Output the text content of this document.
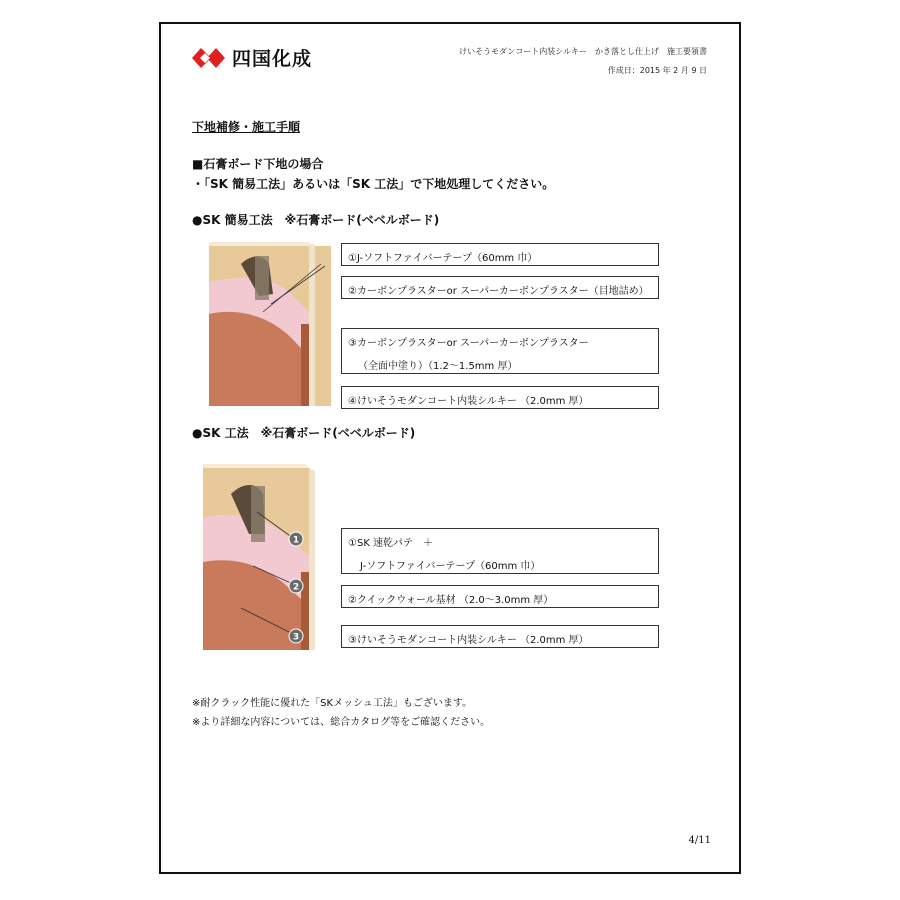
四国化成	けいそうモダンコート内装シルキー　かき落とし仕上げ　施工要領書
作成日：2015 年 2 月 9 日
下地補修・施工手順
■石膏ボード下地の場合
・「SK 簡易工法」あるいは「SK 工法」で下地処理してください。
●SK 簡易工法　※石膏ボード(ベベルボード)
①J-ソフトファイバーテープ（60mm 巾）
②カーボンプラスターor スーパーカーボンプラスター（目地詰め）
③カーボンプラスターor スーパーカーボンプラスター
（全面中塗り）（1.2～1.5mm 厚）
④けいそうモダンコート内装シルキー （2.0mm 厚）
●SK 工法　※石膏ボード(ベベルボード)
1
2
3
①SK 速乾パテ　＋
J-ソフトファイバーテープ（60mm 巾）
②クイックウォール基材 （2.0～3.0mm 厚）
③けいそうモダンコート内装シルキー （2.0mm 厚）
※耐クラック性能に優れた「SKメッシュ工法」もございます。
※より詳細な内容については、総合カタログ等をご確認ください。
4/11
